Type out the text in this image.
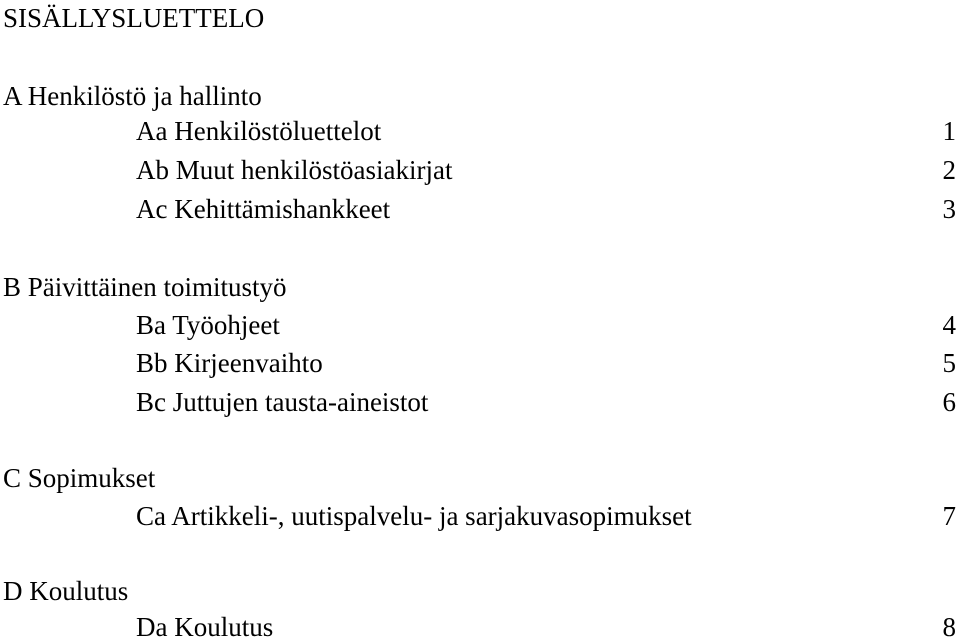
SISÄLLYSLUETTELO
A Henkilöstö ja hallinto
Aa Henkilöstöluettelot	1
Ab Muut henkilöstöasiakirjat	2
Ac Kehittämishankkeet	3
B Päivittäinen toimitustyö
Ba Työohjeet	4
Bb Kirjeenvaihto	5
Bc Juttujen tausta-aineistot	6
C Sopimukset
Ca Artikkeli-, uutispalvelu- ja sarjakuvasopimukset	7
D Koulutus
Da Koulutus	8
